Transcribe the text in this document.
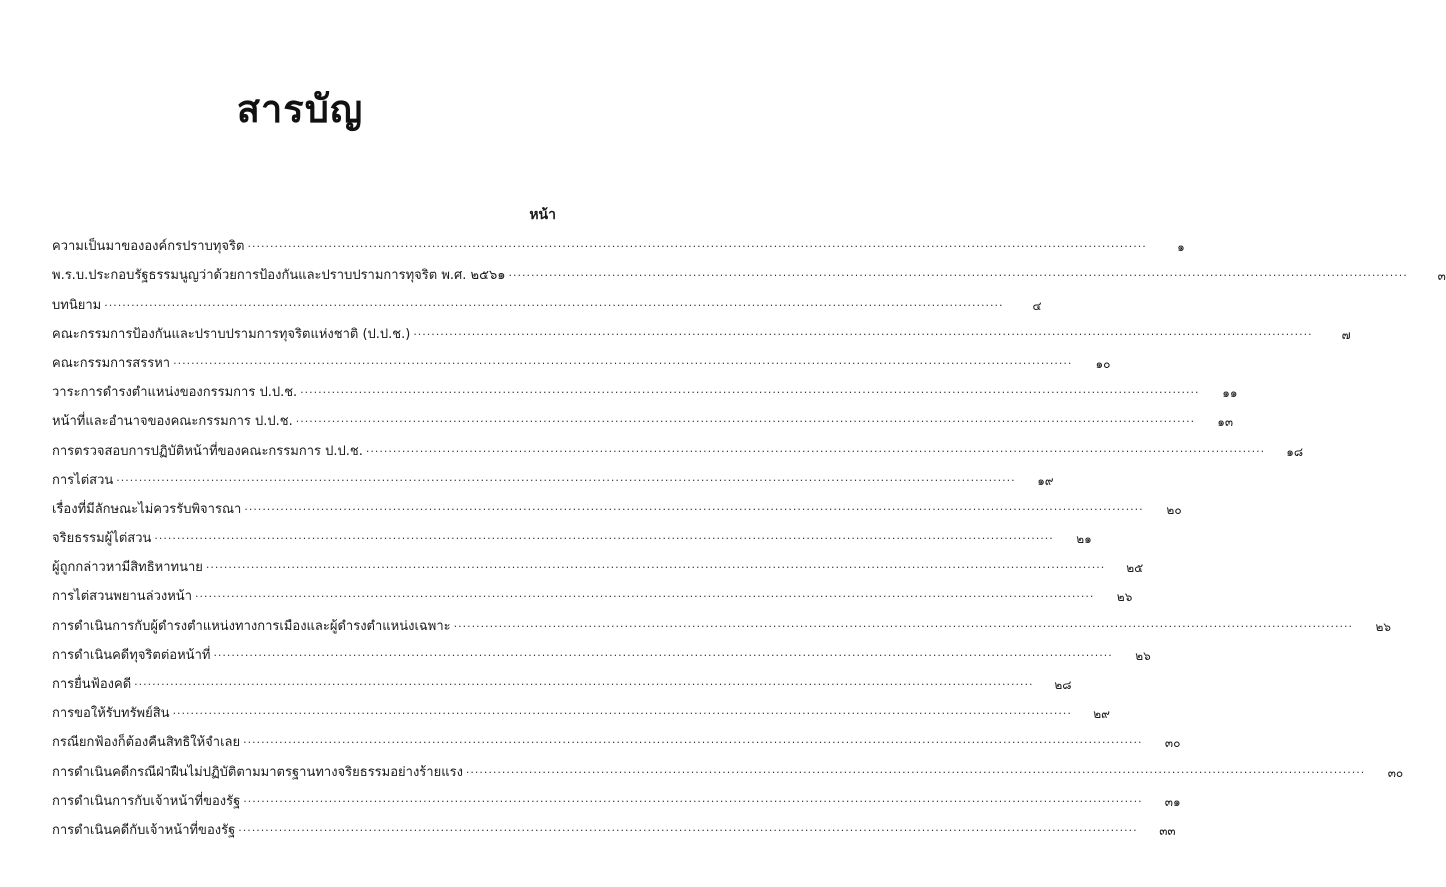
สารบัญ
หน้า
ความเป็นมาขององค์กรปราบทุจริต ........................................................................................................................................................................................................	๑
พ.ร.บ.ประกอบรัฐธรรมนูญว่าด้วยการป้องกันและปราบปรามการทุจริต พ.ศ. ๒๕๖๑ ........................................................................................................................................................................................................	๓
บทนิยาม ........................................................................................................................................................................................................	๔
คณะกรรมการป้องกันและปราบปรามการทุจริตแห่งชาติ (ป.ป.ช.) ........................................................................................................................................................................................................	๗
คณะกรรมการสรรหา ........................................................................................................................................................................................................	๑๐
วาระการดำรงตำแหน่งของกรรมการ ป.ป.ช. ........................................................................................................................................................................................................	๑๑
หน้าที่และอำนาจของคณะกรรมการ ป.ป.ช. ........................................................................................................................................................................................................	๑๓
การตรวจสอบการปฏิบัติหน้าที่ของคณะกรรมการ ป.ป.ช. ........................................................................................................................................................................................................	๑๘
การไต่สวน ........................................................................................................................................................................................................	๑๙
เรื่องที่มีลักษณะไม่ควรรับพิจารณา ........................................................................................................................................................................................................	๒๐
จริยธรรมผู้ไต่สวน ........................................................................................................................................................................................................	๒๑
ผู้ถูกกล่าวหามีสิทธิหาทนาย ........................................................................................................................................................................................................	๒๕
การไต่สวนพยานล่วงหน้า ........................................................................................................................................................................................................	๒๖
การดำเนินการกับผู้ดำรงตำแหน่งทางการเมืองและผู้ดำรงตำแหน่งเฉพาะ ........................................................................................................................................................................................................	๒๖
การดำเนินคดีทุจริตต่อหน้าที่ ........................................................................................................................................................................................................	๒๖
การยื่นฟ้องคดี ........................................................................................................................................................................................................	๒๘
การขอให้รับทรัพย์สิน ........................................................................................................................................................................................................	๒๙
กรณียกฟ้องก็ต้องคืนสิทธิให้จำเลย ........................................................................................................................................................................................................	๓๐
การดำเนินคดีกรณีฝ่าฝืนไม่ปฏิบัติตามมาตรฐานทางจริยธรรมอย่างร้ายแรง ........................................................................................................................................................................................................	๓๐
การดำเนินการกับเจ้าหน้าที่ของรัฐ ........................................................................................................................................................................................................	๓๑
การดำเนินคดีกับเจ้าหน้าที่ของรัฐ ........................................................................................................................................................................................................	๓๓
